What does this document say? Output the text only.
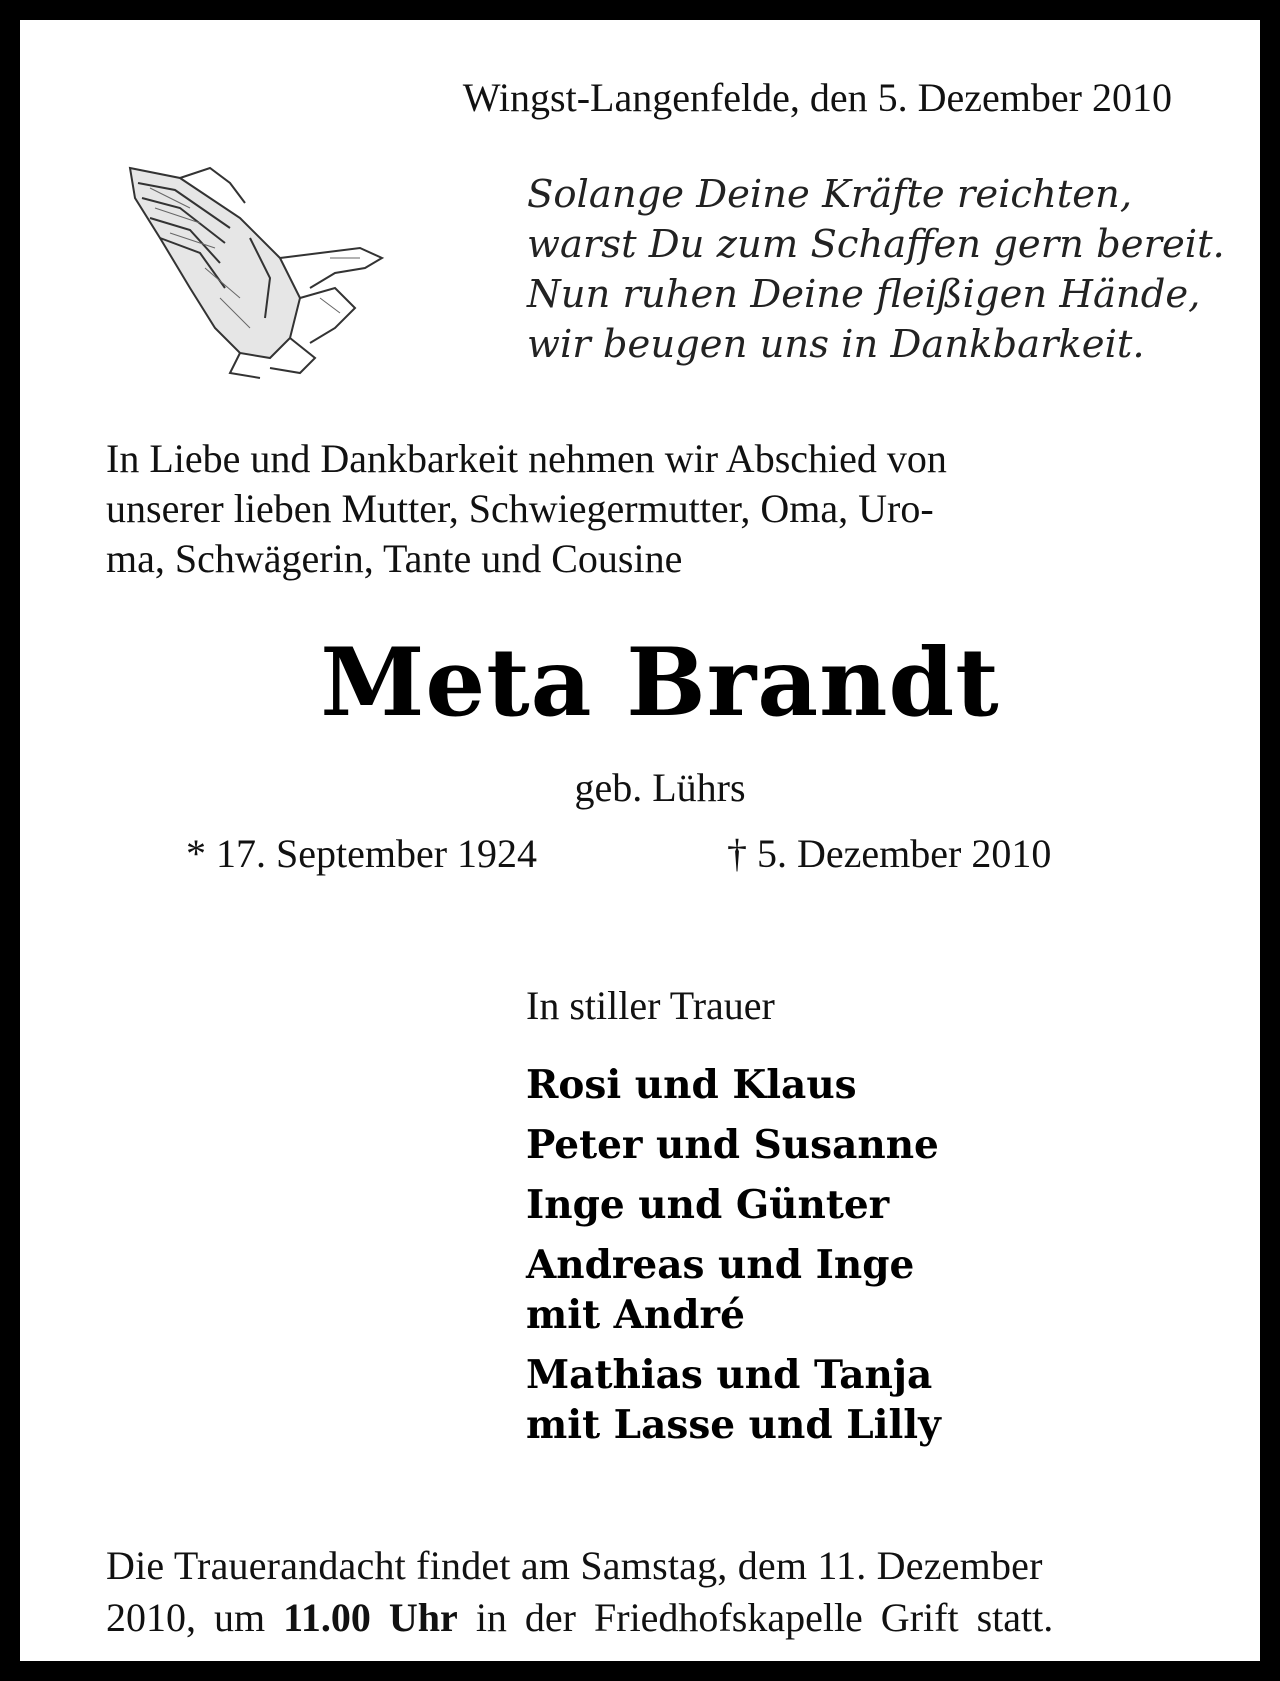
Wingst-Langenfelde, den 5. Dezember 2010
Solange Deine Kräfte reichten,
warst Du zum Schaffen gern bereit.
Nun ruhen Deine fleißigen Hände,
wir beugen uns in Dankbarkeit.
In Liebe und Dankbarkeit nehmen wir Abschied von
unserer lieben Mutter, Schwiegermutter, Oma, Uro-
ma, Schwägerin, Tante und Cousine
Meta Brandt
geb. Lührs
* 17. September 1924	† 5. Dezember 2010
In stiller Trauer
Rosi und Klaus
Peter und Susanne
Inge und Günter
Andreas und Inge
mit André
Mathias und Tanja
mit Lasse und Lilly
Die Trauerandacht findet am Samstag, dem 11. Dezember
2010, um 11.00 Uhr in der Friedhofskapelle Grift statt.
